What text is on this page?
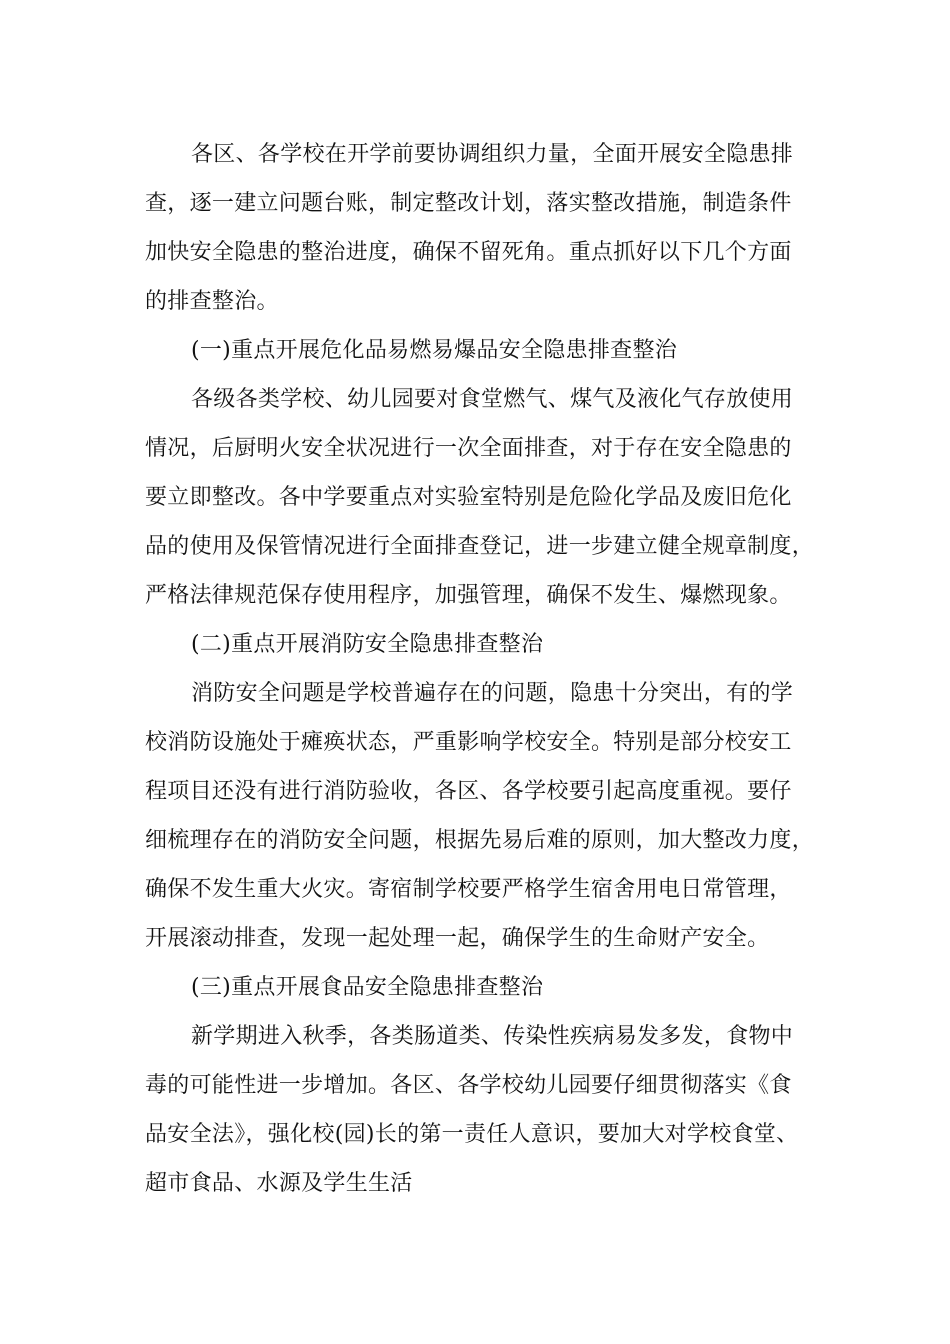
各区、各学校在开学前要协调组织力量，全面开展安全隐患排
查，逐一建立问题台账，制定整改计划，落实整改措施，制造条件
加快安全隐患的整治进度，确保不留死角。重点抓好以下几个方面
的排查整治。
(一)重点开展危化品易燃易爆品安全隐患排查整治
各级各类学校、幼儿园要对食堂燃气、煤气及液化气存放使用
情况，后厨明火安全状况进行一次全面排查，对于存在安全隐患的
要立即整改。各中学要重点对实验室特别是危险化学品及废旧危化
品的使用及保管情况进行全面排查登记，进一步建立健全规章制度，
严格法律规范保存使用程序，加强管理，确保不发生、爆燃现象。
(二)重点开展消防安全隐患排查整治
消防安全问题是学校普遍存在的问题，隐患十分突出，有的学
校消防设施处于瘫痪状态，严重影响学校安全。特别是部分校安工
程项目还没有进行消防验收，各区、各学校要引起高度重视。要仔
细梳理存在的消防安全问题，根据先易后难的原则，加大整改力度，
确保不发生重大火灾。寄宿制学校要严格学生宿舍用电日常管理，
开展滚动排查，发现一起处理一起，确保学生的生命财产安全。
(三)重点开展食品安全隐患排查整治
新学期进入秋季，各类肠道类、传染性疾病易发多发，食物中
毒的可能性进一步增加。各区、各学校幼儿园要仔细贯彻落实《食
品安全法》，强化校(园)长的第一责任人意识，要加大对学校食堂、
超市食品、水源及学生生活
